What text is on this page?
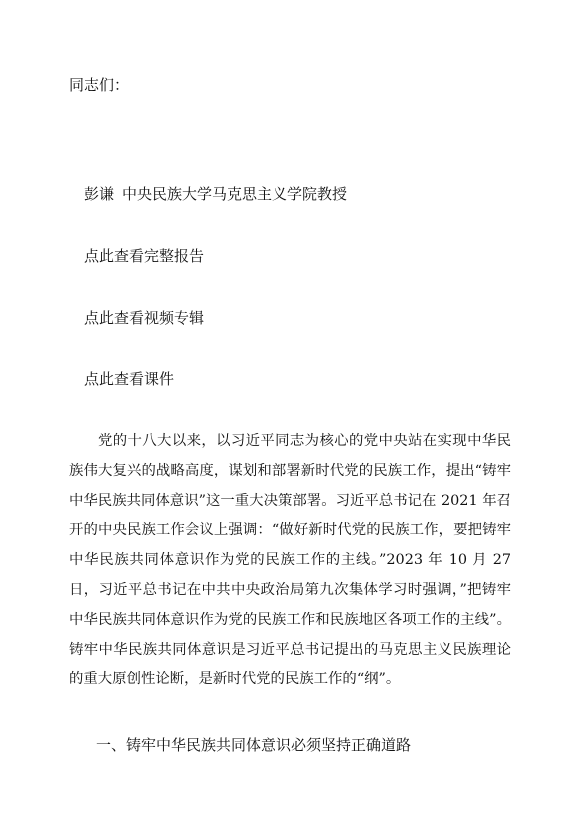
同志们：
彭谦 中央民族大学马克思主义学院教授
点此查看完整报告
点此查看视频专辑
点此查看课件

党的十八大以来，以习近平同志为核心的党中央站在实现中华民族伟大复兴的战略高度，谋划和部署新时代党的民族工作，提出“铸牢中华民族共同体意识”这一重大决策部署。习近平总书记在 2021 年召开的中央民族工作会议上强调：“做好新时代党的民族工作，要把铸牢中华民族共同体意识作为党的民族工作的主线。”2023 年 10 月 27 日，习近平总书记在中共中央政治局第九次集体学习时强调，”把铸牢中华民族共同体意识作为党的民族工作和民族地区各项工作的主线”。铸牢中华民族共同体意识是习近平总书记提出的马克思主义民族理论的重大原创性论断，是新时代党的民族工作的“纲”。

一、铸牢中华民族共同体意识必须坚持正确道路
